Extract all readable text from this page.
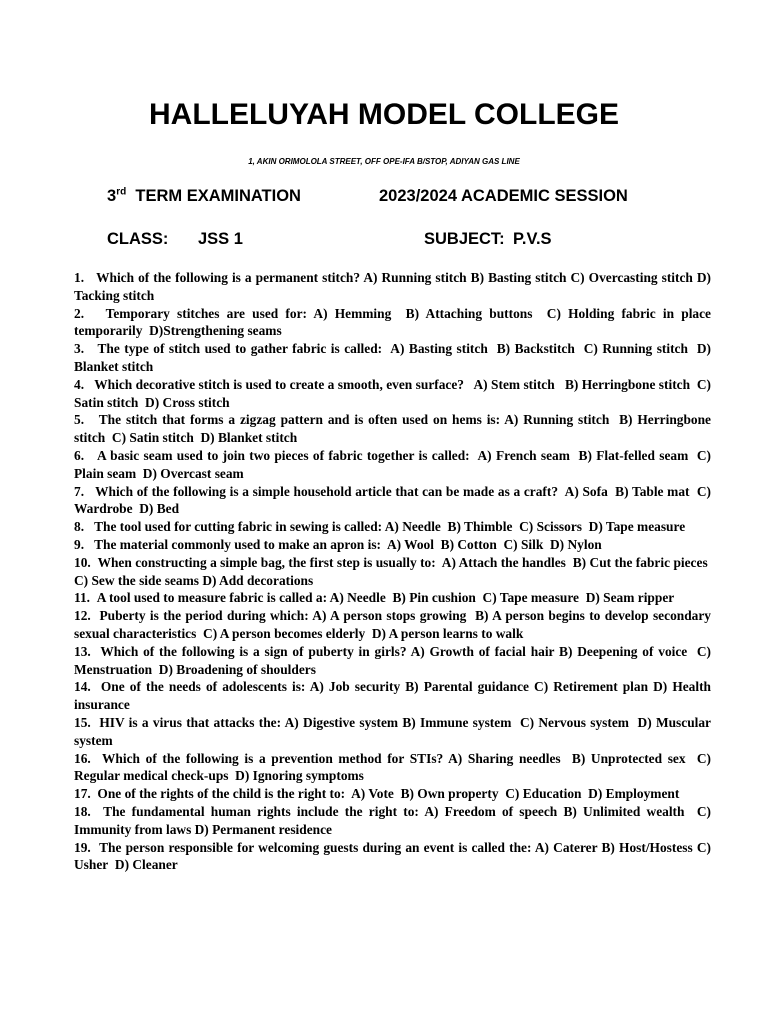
HALLELUYAH MODEL COLLEGE
1, AKIN ORIMOLOLA STREET, OFF OPE-IFA B/STOP, ADIYAN GAS LINE
3rd TERM EXAMINATION	2023/2024 ACADEMIC SESSION
CLASS: JSS 1	SUBJECT: P.V.S

1.   Which of the following is a permanent stitch? A) Running stitch B) Basting stitch C) Overcasting stitch D) Tacking stitch

2.   Temporary stitches are used for: A) Hemming  B) Attaching buttons  C) Holding fabric in place temporarily  D)Strengthening seams

3.   The type of stitch used to gather fabric is called:  A) Basting stitch  B) Backstitch  C) Running stitch  D) Blanket stitch

4.   Which decorative stitch is used to create a smooth, even surface?   A) Stem stitch   B) Herringbone stitch  C) Satin stitch  D) Cross stitch

5.   The stitch that forms a zigzag pattern and is often used on hems is: A) Running stitch  B) Herringbone stitch  C) Satin stitch  D) Blanket stitch

6.   A basic seam used to join two pieces of fabric together is called:  A) French seam  B) Flat-felled seam  C) Plain seam  D) Overcast seam

7.   Which of the following is a simple household article that can be made as a craft?  A) Sofa  B) Table mat  C) Wardrobe  D) Bed

8.   The tool used for cutting fabric in sewing is called: A) Needle  B) Thimble  C) Scissors  D) Tape measure

9.   The material commonly used to make an apron is:  A) Wool  B) Cotton  C) Silk  D) Nylon

10.  When constructing a simple bag, the first step is usually to:  A) Attach the handles  B) Cut the fabric pieces  C) Sew the side seams D) Add decorations

11.  A tool used to measure fabric is called a: A) Needle  B) Pin cushion  C) Tape measure  D) Seam ripper

12.  Puberty is the period during which: A) A person stops growing  B) A person begins to develop secondary sexual characteristics  C) A person becomes elderly  D) A person learns to walk

13.  Which of the following is a sign of puberty in girls? A) Growth of facial hair B) Deepening of voice  C) Menstruation  D) Broadening of shoulders

14.  One of the needs of adolescents is: A) Job security B) Parental guidance C) Retirement plan D) Health insurance

15.  HIV is a virus that attacks the: A) Digestive system B) Immune system  C) Nervous system  D) Muscular system

16.  Which of the following is a prevention method for STIs? A) Sharing needles  B) Unprotected sex  C) Regular medical check-ups  D) Ignoring symptoms

17.  One of the rights of the child is the right to:  A) Vote  B) Own property  C) Education  D) Employment

18.  The fundamental human rights include the right to: A) Freedom of speech B) Unlimited wealth  C) Immunity from laws D) Permanent residence

19.  The person responsible for welcoming guests during an event is called the: A) Caterer B) Host/Hostess C) Usher  D) Cleaner
